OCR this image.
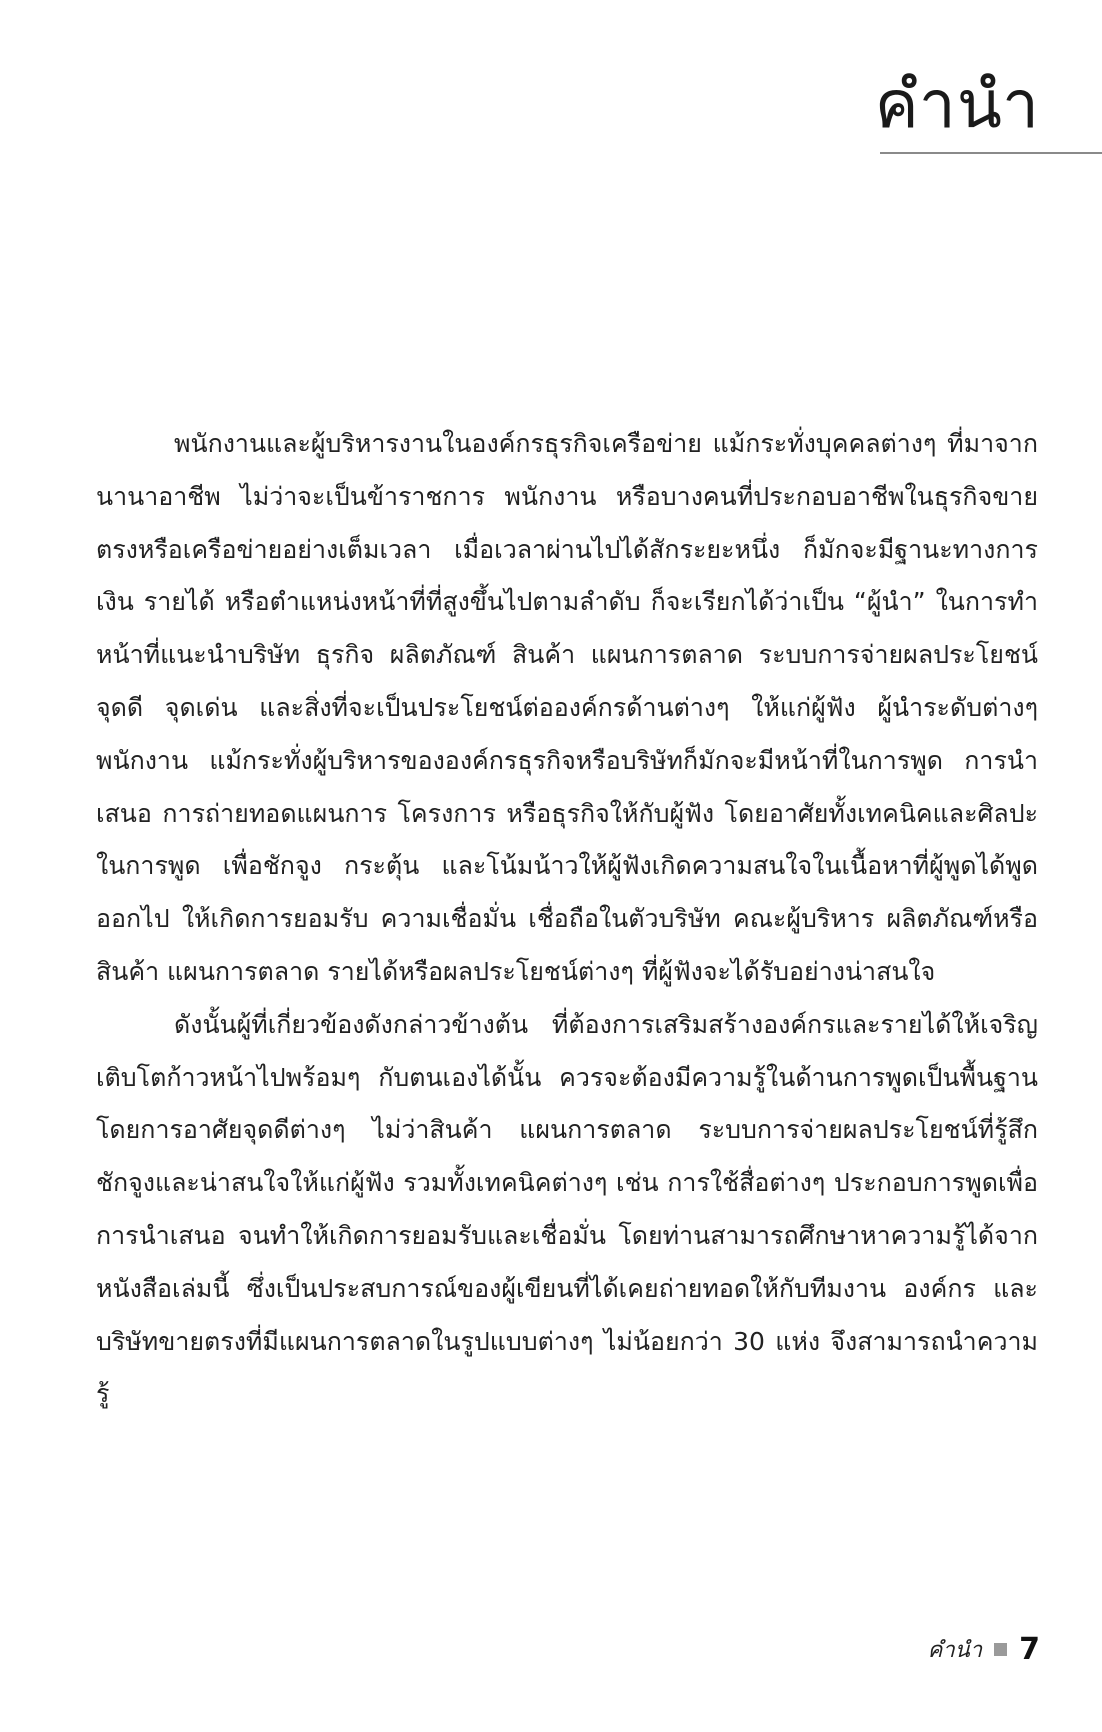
คำนำ

พนักงานและผู้บริหารงานในองค์กรธุรกิจเครือข่าย แม้กระทั่งบุคคลต่างๆ ที่มาจากนานาอาชีพ ไม่ว่าจะเป็นข้าราชการ พนักงาน หรือบางคนที่ประกอบอาชีพในธุรกิจขายตรงหรือเครือข่ายอย่างเต็มเวลา เมื่อเวลาผ่านไปได้สักระยะหนึ่ง ก็มักจะมีฐานะทางการเงิน รายได้ หรือตำแหน่งหน้าที่ที่สูงขึ้นไปตามลำดับ ก็จะเรียกได้ว่าเป็น “ผู้นำ” ในการทำหน้าที่แนะนำบริษัท ธุรกิจ ผลิตภัณฑ์ สินค้า แผนการตลาด ระบบการจ่ายผลประโยชน์ จุดดี จุดเด่น และสิ่งที่จะเป็นประโยชน์ต่อองค์กรด้านต่างๆ ให้แก่ผู้ฟัง ผู้นำระดับต่างๆ พนักงาน แม้กระทั่งผู้บริหารขององค์กรธุรกิจหรือบริษัทก็มักจะมีหน้าที่ในการพูด การนำเสนอ การถ่ายทอดแผนการ โครงการ หรือธุรกิจให้กับผู้ฟัง โดยอาศัยทั้งเทคนิคและศิลปะในการพูด เพื่อชักจูง กระตุ้น และโน้มน้าวให้ผู้ฟังเกิดความสนใจในเนื้อหาที่ผู้พูดได้พูดออกไป ให้เกิดการยอมรับ ความเชื่อมั่น เชื่อถือในตัวบริษัท คณะผู้บริหาร ผลิตภัณฑ์หรือสินค้า แผนการตลาด รายได้หรือผลประโยชน์ต่างๆ ที่ผู้ฟังจะได้รับอย่างน่าสนใจ

ดังนั้นผู้ที่เกี่ยวข้องดังกล่าวข้างต้น ที่ต้องการเสริมสร้างองค์กรและรายได้ให้เจริญเติบโตก้าวหน้าไปพร้อมๆ กับตนเองได้นั้น ควรจะต้องมีความรู้ในด้านการพูดเป็นพื้นฐาน โดยการอาศัยจุดดีต่างๆ ไม่ว่าสินค้า แผนการตลาด ระบบการจ่ายผลประโยชน์ที่รู้สึกชักจูงและน่าสนใจให้แก่ผู้ฟัง รวมทั้งเทคนิคต่างๆ เช่น การใช้สื่อต่างๆ ประกอบการพูดเพื่อการนำเสนอ จนทำให้เกิดการยอมรับและเชื่อมั่น โดยท่านสามารถศึกษาหาความรู้ได้จากหนังสือเล่มนี้ ซึ่งเป็นประสบการณ์ของผู้เขียนที่ได้เคยถ่ายทอดให้กับทีมงาน องค์กร และบริษัทขายตรงที่มีแผนการตลาดในรูปแบบต่างๆ ไม่น้อยกว่า 30 แห่ง จึงสามารถนำความรู้

คำนำ 7
